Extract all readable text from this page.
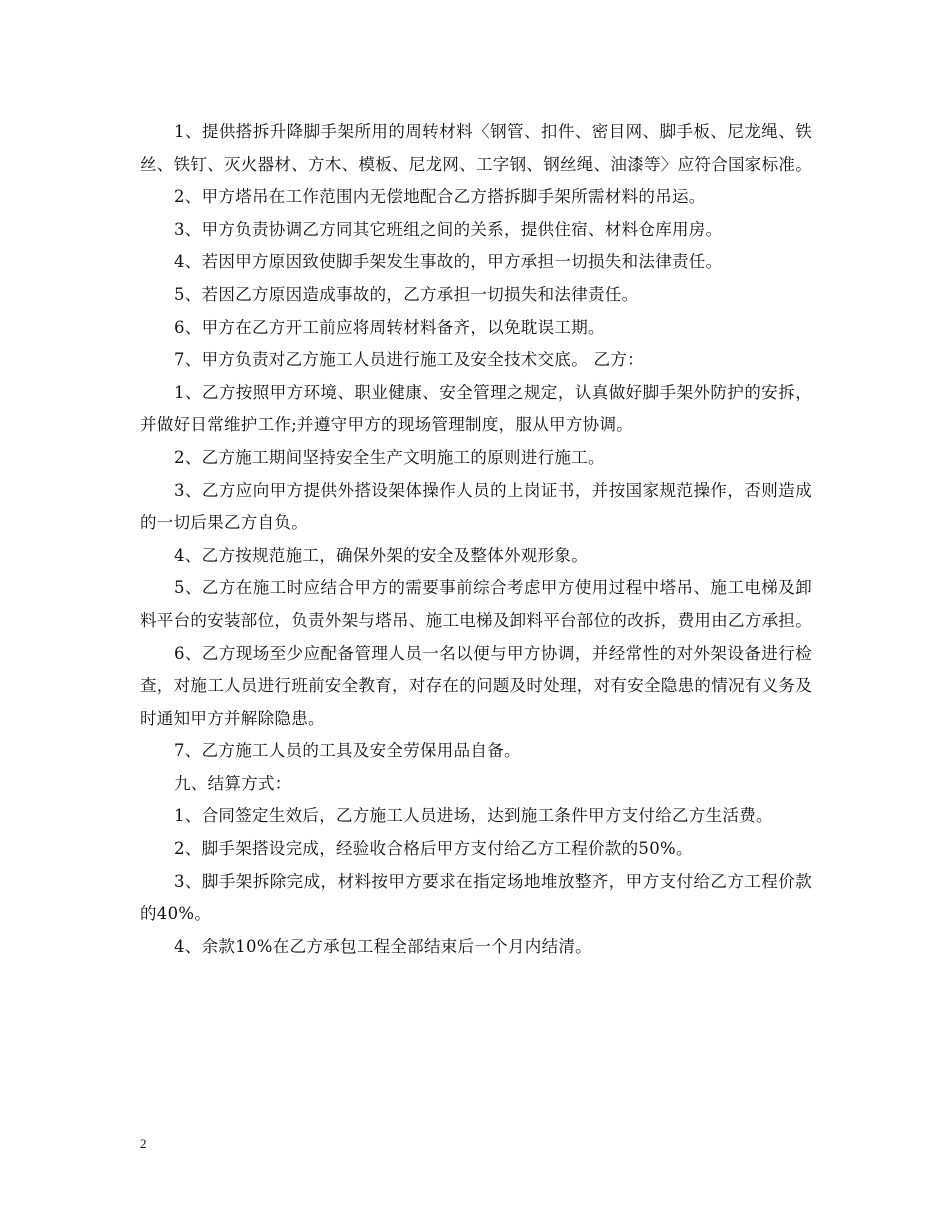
1、提供搭拆升降脚手架所用的周转材料〈钢管、扣件、密目网、脚手板、尼龙绳、铁丝、铁钉、灭火器材、方木、模板、尼龙网、工字钢、钢丝绳、油漆等〉应符合国家标准。

2、甲方塔吊在工作范围内无偿地配合乙方搭拆脚手架所需材料的吊运。

3、甲方负责协调乙方同其它班组之间的关系，提供住宿、材料仓库用房。

4、若因甲方原因致使脚手架发生事故的，甲方承担一切损失和法律责任。

5、若因乙方原因造成事故的，乙方承担一切损失和法律责任。

6、甲方在乙方开工前应将周转材料备齐，以免耽误工期。

7、甲方负责对乙方施工人员进行施工及安全技术交底。 乙方：

1、乙方按照甲方环境、职业健康、安全管理之规定，认真做好脚手架外防护的安拆，并做好日常维护工作;并遵守甲方的现场管理制度，服从甲方协调。

2、乙方施工期间坚持安全生产文明施工的原则进行施工。

3、乙方应向甲方提供外搭设架体操作人员的上岗证书，并按国家规范操作，否则造成的一切后果乙方自负。

4、乙方按规范施工，确保外架的安全及整体外观形象。

5、乙方在施工时应结合甲方的需要事前综合考虑甲方使用过程中塔吊、施工电梯及卸料平台的安装部位，负责外架与塔吊、施工电梯及卸料平台部位的改拆，费用由乙方承担。

6、乙方现场至少应配备管理人员一名以便与甲方协调，并经常性的对外架设备进行检查，对施工人员进行班前安全教育，对存在的问题及时处理，对有安全隐患的情况有义务及时通知甲方并解除隐患。

7、乙方施工人员的工具及安全劳保用品自备。

九、结算方式：

1、合同签定生效后，乙方施工人员进场，达到施工条件甲方支付给乙方生活费。

2、脚手架搭设完成，经验收合格后甲方支付给乙方工程价款的50%。

3、脚手架拆除完成，材料按甲方要求在指定场地堆放整齐，甲方支付给乙方工程价款的40%。

4、余款10%在乙方承包工程全部结束后一个月内结清。

2
